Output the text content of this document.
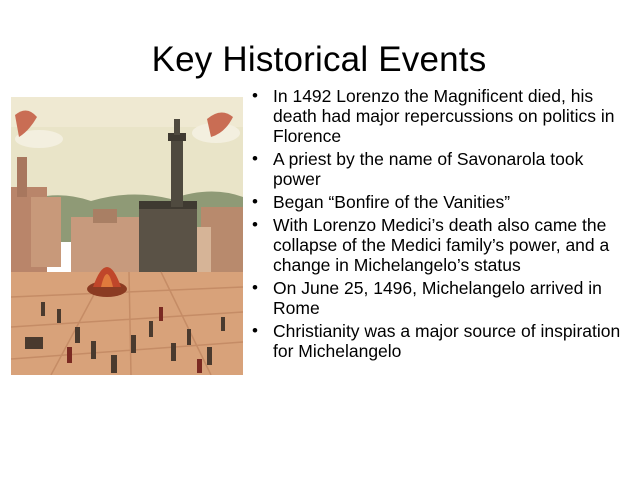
Key Historical Events
• In 1492 Lorenzo the Magnificent died, his death had major repercussions on politics in Florence
• A priest by the name of Savonarola took power
• Began “Bonfire of the Vanities”
• With Lorenzo Medici’s death also came the collapse of the Medici family’s power, and a change in Michelangelo’s status
• On June 25, 1496, Michelangelo arrived in Rome
• Christianity was a major source of inspiration for Michelangelo
